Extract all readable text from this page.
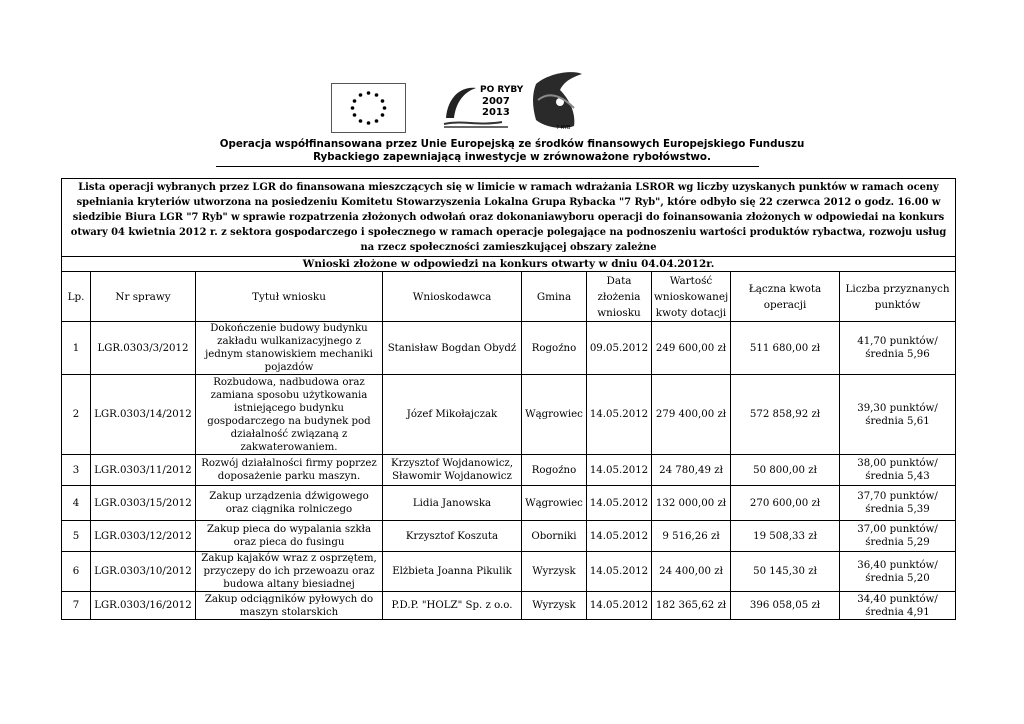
PO RYBY
2007
2013
7 RYB
Operacja współfinansowana przez Unie Europejską ze środków finansowych Europejskiego Funduszu
Rybackiego zapewniającą inwestycje w zrównoważone rybołówstwo.
Lista operacji wybranych przez LGR do finansowana mieszczących się w limicie w ramach wdrażania LSROR wg liczby uzyskanych punktów w ramach oceny spełniania kryteriów utworzona na posiedzeniu Komitetu Stowarzyszenia Lokalna Grupa Rybacka "7 Ryb", które odbyło się 22 czerwca 2012 o godz. 16.00 w siedzibie Biura LGR "7 Ryb" w sprawie rozpatrzenia złożonych odwołań oraz dokonaniawyboru operacji do foinansowania złożonych w odpowiedai na konkurs otwary 04 kwietnia 2012 r. z sektora gospodarczego i społecznego w ramach operacje polegające na podnoszeniu wartości produktów rybactwa, rozwoju usług na rzecz społeczności zamieszkującej obszary zależne								
Wnioski złożone w odpowiedzi na konkurs otwarty w dniu 04.04.2012r.								
Lp.	Nr sprawy	Tytuł wniosku	Wnioskodawca	Gmina	Data złożenia wniosku	Wartość wnioskowanej kwoty dotacji	Łączna kwota operacji	Liczba przyznanych punktów
1	LGR.0303/3/2012	Dokończenie budowy budynku zakładu wulkanizacyjnego z jednym stanowiskiem mechaniki pojazdów	Stanisław Bogdan Obydź	Rogoźno	09.05.2012	249 600,00 zł	511 680,00 zł	41,70 punktów/ średnia 5,96
2	LGR.0303/14/2012	Rozbudowa, nadbudowa oraz zamiana sposobu użytkowania istniejącego budynku gospodarczego na budynek pod działalność związaną z zakwaterowaniem.	Józef Mikołajczak	Wągrowiec	14.05.2012	279 400,00 zł	572 858,92 zł	39,30 punktów/ średnia 5,61
3	LGR.0303/11/2012	Rozwój działalności firmy poprzez doposażenie parku maszyn.	Krzysztof Wojdanowicz, Sławomir Wojdanowicz	Rogoźno	14.05.2012	24 780,49 zł	50 800,00 zł	38,00 punktów/ średnia 5,43
4	LGR.0303/15/2012	Zakup urządzenia dźwigowego oraz ciągnika rolniczego	Lidia Janowska	Wągrowiec	14.05.2012	132 000,00 zł	270 600,00 zł	37,70 punktów/ średnia 5,39
5	LGR.0303/12/2012	Zakup pieca do wypalania szkła oraz pieca do fusingu	Krzysztof Koszuta	Oborniki	14.05.2012	9 516,26 zł	19 508,33 zł	37,00 punktów/ średnia 5,29
6	LGR.0303/10/2012	Zakup kajaków wraz z osprzętem, przyczepy do ich przewoazu oraz budowa altany biesiadnej	Elżbieta Joanna Pikulik	Wyrzysk	14.05.2012	24 400,00 zł	50 145,30 zł	36,40 punktów/ średnia 5,20
7	LGR.0303/16/2012	Zakup odciągników pyłowych do maszyn stolarskich	P.D.P. "HOLZ" Sp. z o.o.	Wyrzysk	14.05.2012	182 365,62 zł	396 058,05 zł	34,40 punktów/ średnia 4,91
